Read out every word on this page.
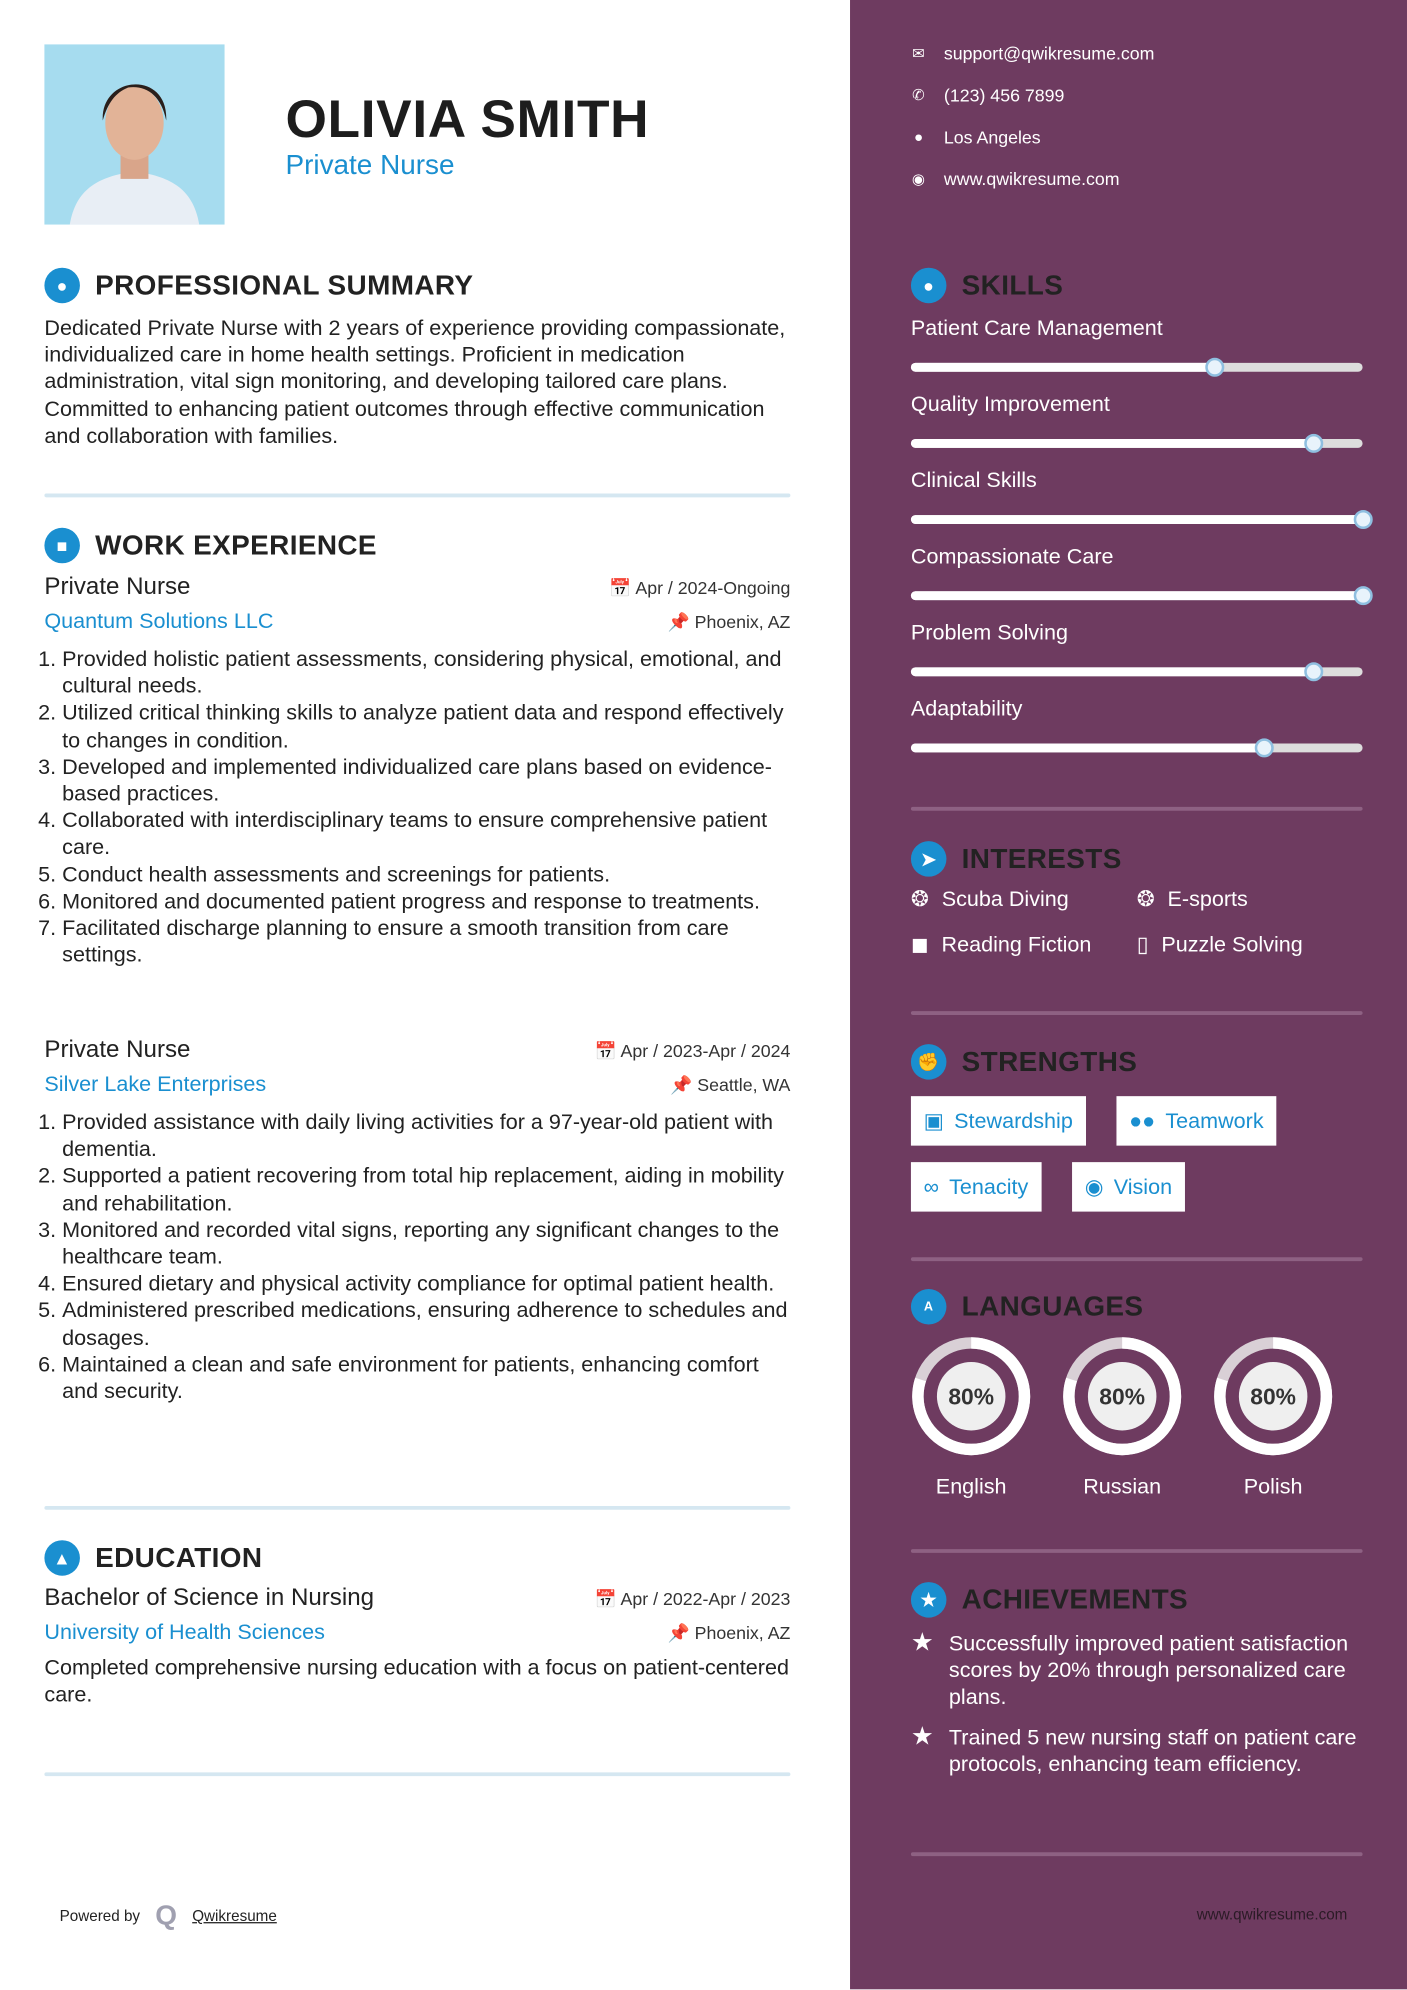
OLIVIA SMITH
Private Nurse
●	PROFESSIONAL SUMMARY
Dedicated Private Nurse with 2 years of experience providing compassionate, individualized care in home health settings. Proficient in medication administration, vital sign monitoring, and developing tailored care plans. Committed to enhancing patient outcomes through effective communication and collaboration with families.
■	WORK EXPERIENCE
Private Nurse	📅 Apr / 2024-Ongoing
Quantum Solutions LLC	📌 Phoenix, AZ
1. Provided holistic patient assessments, considering physical, emotional, and cultural needs.
2. Utilized critical thinking skills to analyze patient data and respond effectively to changes in condition.
3. Developed and implemented individualized care plans based on evidence-based practices.
4. Collaborated with interdisciplinary teams to ensure comprehensive patient care.
5. Conduct health assessments and screenings for patients.
6. Monitored and documented patient progress and response to treatments.
7. Facilitated discharge planning to ensure a smooth transition from care settings.
Private Nurse	📅 Apr / 2023-Apr / 2024
Silver Lake Enterprises	📌 Seattle, WA
1. Provided assistance with daily living activities for a 97-year-old patient with dementia.
2. Supported a patient recovering from total hip replacement, aiding in mobility and rehabilitation.
3. Monitored and recorded vital signs, reporting any significant changes to the healthcare team.
4. Ensured dietary and physical activity compliance for optimal patient health.
5. Administered prescribed medications, ensuring adherence to schedules and dosages.
6. Maintained a clean and safe environment for patients, enhancing comfort and security.
▲	EDUCATION
Bachelor of Science in Nursing	📅 Apr / 2022-Apr / 2023
University of Health Sciences	📌 Phoenix, AZ
Completed comprehensive nursing education with a focus on patient-centered care.
Powered by Q Qwikresume
✉ support@qwikresume.com
✆ (123) 456 7899
● Los Angeles
◉ www.qwikresume.com
●	SKILLS
Patient Care Management
Quality Improvement
Clinical Skills
Compassionate Care
Problem Solving
Adaptability
➤	INTERESTS
❂ Scuba Diving	❂ E-sports
◼ Reading Fiction	▯ Puzzle Solving
✊ STRENGTHS
▣ Stewardship	●● Teamwork
∞ Tenacity	◉ Vision
A	LANGUAGES
80%
English
80%
Russian
80%
Polish
★	ACHIEVEMENTS
★ Successfully improved patient satisfaction scores by 20% through personalized care plans.
★ Trained 5 new nursing staff on patient care protocols, enhancing team efficiency.
www.qwikresume.com
